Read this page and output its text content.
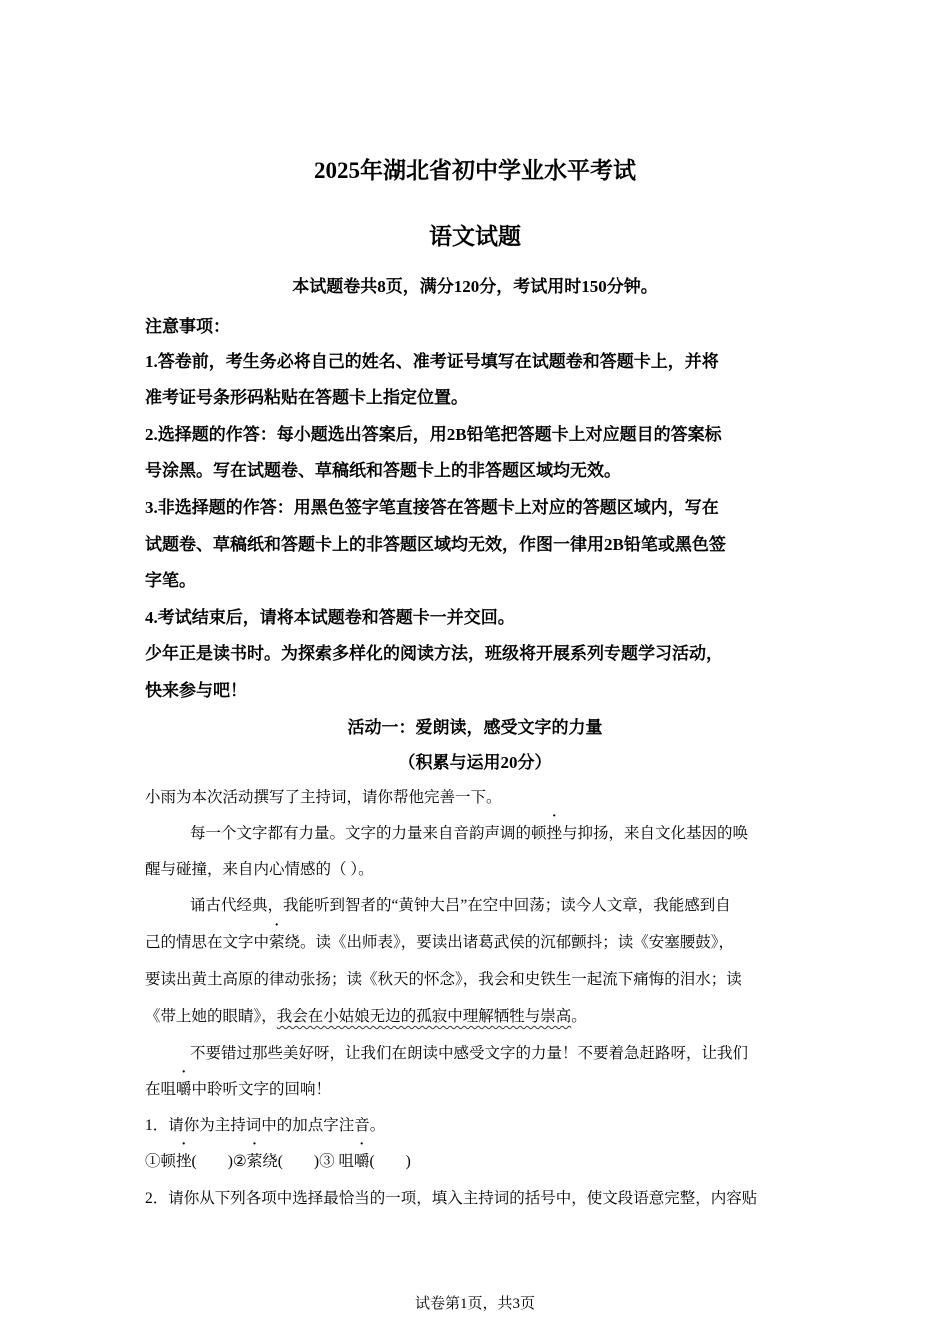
2025年湖北省初中学业水平考试
语文试题
本试题卷共8页，满分120分，考试用时150分钟。
注意事项：
1.答卷前，考生务必将自己的姓名、准考证号填写在试题卷和答题卡上，并将
准考证号条形码粘贴在答题卡上指定位置。
2.选择题的作答：每小题选出答案后，用2B铅笔把答题卡上对应题目的答案标
号涂黑。写在试题卷、草稿纸和答题卡上的非答题区域均无效。
3.非选择题的作答：用黑色签字笔直接答在答题卡上对应的答题区域内，写在
试题卷、草稿纸和答题卡上的非答题区域均无效，作图一律用2B铅笔或黑色签
字笔。
4.考试结束后，请将本试题卷和答题卡一并交回。
少年正是读书时。为探索多样化的阅读方法，班级将开展系列专题学习活动，
快来参与吧！
活动一：爱朗读，感受文字的力量
（积累与运用20分）
小雨为本次活动撰写了主持词，请你帮他完善一下。
每一个文字都有力量。文字的力量来自音韵声调的顿挫与抑扬，来自文化基因的唤
醒与碰撞，来自内心情感的（ ）。
诵古代经典，我能听到智者的“黄钟大吕”在空中回荡；读今人文章，我能感到自
己的情思在文字中萦绕。读《出师表》，要读出诸葛武侯的沉郁颤抖；读《安塞腰鼓》，
要读出黄土高原的律动张扬；读《秋天的怀念》，我会和史铁生一起流下痛悔的泪水；读
《带上她的眼睛》，我会在小姑娘无边的孤寂中理解牺牲与崇高。
不要错过那些美好呀，让我们在朗读中感受文字的力量！不要着急赶路呀，让我们
在咀嚼中聆听文字的回响！
1．请你为主持词中的加点字注音。
①顿挫(        )②萦绕(        )③ 咀嚼(        )
2．请你从下列各项中选择最恰当的一项，填入主持词的括号中，使文段语意完整，内容贴
试卷第1页，共3页
